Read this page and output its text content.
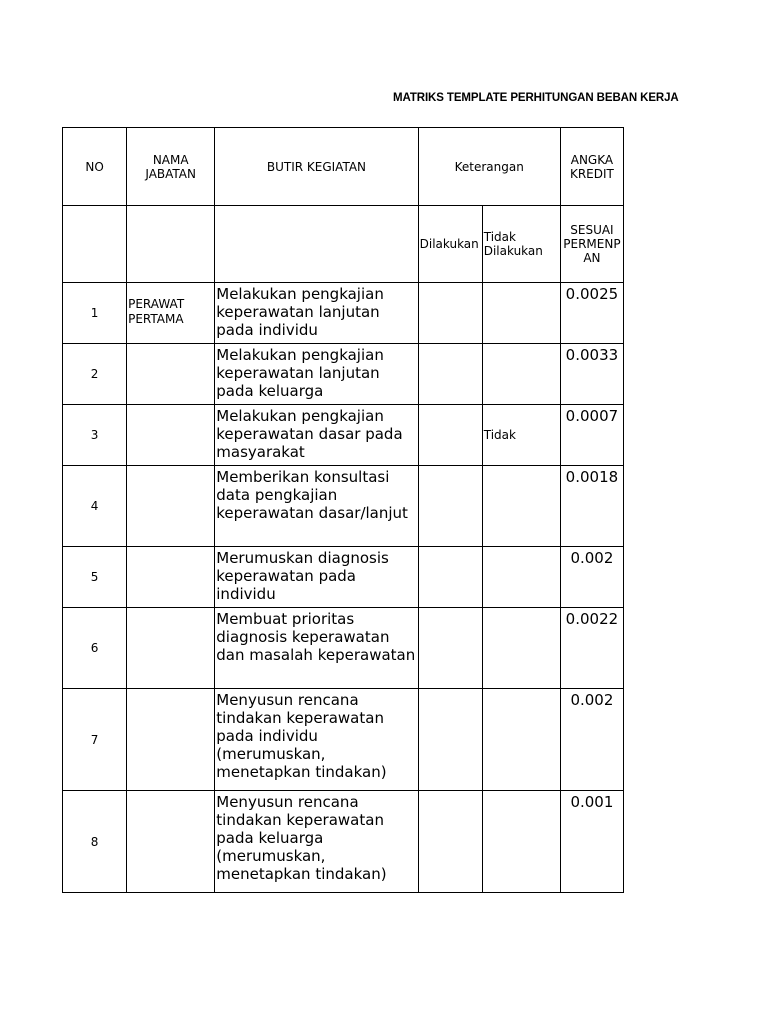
MATRIKS TEMPLATE PERHITUNGAN BEBAN KERJA
NO	NAMA JABATAN	BUTIR KEGIATAN	Keterangan		ANGKA KREDIT
			Dilakukan	Tidak Dilakukan	SESUAI PERMENP AN
1	PERAWAT PERTAMA	Melakukan pengkajian keperawatan lanjutan pada individu			0.0025
2		Melakukan pengkajian keperawatan lanjutan pada keluarga			0.0033
3		Melakukan pengkajian keperawatan dasar pada masyarakat		Tidak	0.0007
4		Memberikan konsultasi data pengkajian keperawatan dasar/lanjut			0.0018
5		Merumuskan diagnosis keperawatan pada individu			0.002
6		Membuat prioritas diagnosis keperawatan dan masalah keperawatan			0.0022
7		Menyusun rencana tindakan keperawatan pada individu (merumuskan, menetapkan tindakan)			0.002
8		Menyusun rencana tindakan keperawatan pada keluarga (merumuskan, menetapkan tindakan)			0.001
